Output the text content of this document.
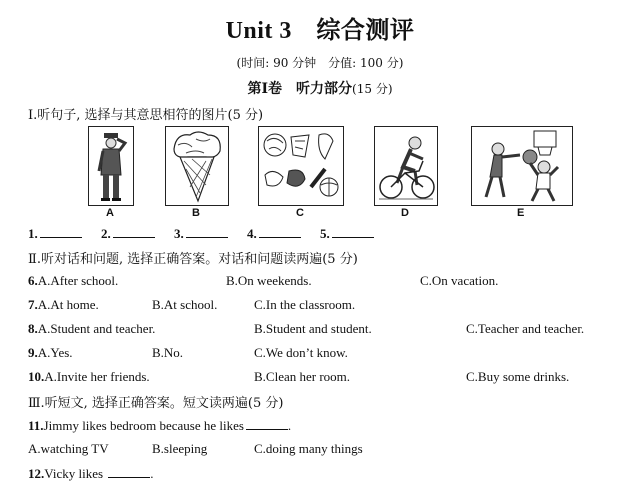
Unit 3　综合测评
(时间: 90 分钟　分值: 100 分)
第Ⅰ卷　听力部分(15 分)
Ⅰ.听句子, 选择与其意思相符的图片(5 分)
A	B	C	D	E
1.	2.	3.	4.	5.
Ⅱ.听对话和问题, 选择正确答案。对话和问题读两遍(5 分)
6.A.After school.	B.On weekends.	C.On vacation.
7.A.At home.	B.At school.	C.In the classroom.
8.A.Student and teacher.	B.Student and student.	C.Teacher and teacher.
9.A.Yes.	B.No.	C.We don’t know.
10.A.Invite her friends.	B.Clean her room.	C.Buy some drinks.
Ⅲ.听短文, 选择正确答案。短文读两遍(5 分)
11.Jimmy likes bedroom because he likes	.
A.watching TV	B.sleeping	C.doing many things
12.Vicky likes	.
